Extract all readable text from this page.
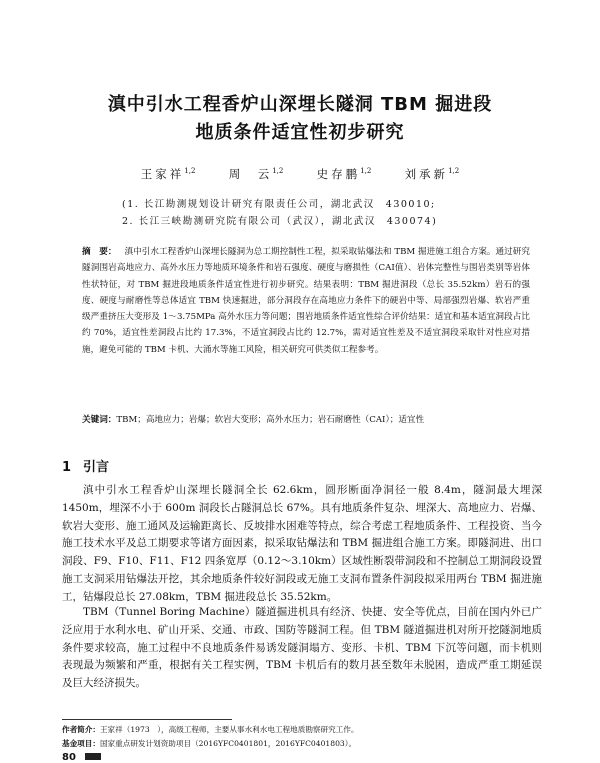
滇中引水工程香炉山深埋长隧洞 TBM 掘进段
地质条件适宜性初步研究
王家祥$^{1,2}$	周　云$^{1,2}$	史存鹏$^{1,2}$	刘承新$^{1,2}$
(1. 长江勘测规划设计研究有限责任公司，湖北武汉　430010;
2. 长江三峡勘测研究院有限公司（武汉），湖北武汉　430074)
摘　要： 滇中引水工程香炉山深埋长隧洞为总工期控制性工程，拟采取钻爆法和 TBM 掘进施工组合方案。通过研究隧洞围岩高地应力、高外水压力等地质环境条件和岩石强度、硬度与磨损性（CAI值）、岩体完整性与围岩类别等岩体性状特征，对 TBM 掘进段地质条件适宜性进行初步研究。结果表明：TBM 掘进洞段（总长 35.52km）岩石的强度、硬度与耐磨性等总体适宜 TBM 快速掘进，部分洞段存在高地应力条件下的硬岩中等、局部强烈岩爆、软岩严重　级严重挤压大变形及 1～3.75MPa 高外水压力等问题；围岩地质条件适宜性综合评价结果：适宜和基本适宜洞段占比约 70%，适宜性差洞段占比约 17.3%，不适宜洞段占比约 12.7%，需对适宜性差及不适宜洞段采取针对性应对措施，避免可能的 TBM 卡机、大涌水等施工风险，相关研究可供类似工程参考。
关键词：TBM；高地应力；岩爆；软岩大变形；高外水压力；岩石耐磨性（CAI）；适宜性
1 引言

滇中引水工程香炉山深埋长隧洞全长 62.6km，圆形断面净洞径一般 8.4m，隧洞最大埋深 1450m，埋深不小于 600m 洞段长占隧洞总长 67%。具有地质条件复杂、埋深大、高地应力、岩爆、软岩大变形、施工通风及运输距离长、反坡排水困难等特点，综合考虑工程地质条件、工程投资、当今施工技术水平及总工期要求等诸方面因素，拟采取钻爆法和 TBM 掘进组合施工方案。即隧洞进、出口洞段、F9、F10、F11、F12 四条宽厚（0.12～3.10km）区域性断裂带洞段和不控制总工期洞段设置施工支洞采用钻爆法开挖，其余地质条件较好洞段或无施工支洞布置条件洞段拟采用两台 TBM 掘进施工，钻爆段总长 27.08km，TBM 掘进段总长 35.52km。

TBM（Tunnel Boring Machine）隧道掘进机具有经济、快捷、安全等优点，目前在国内外已广泛应用于水利水电、矿山开采、交通、市政、国防等隧洞工程。但 TBM 隧道掘进机对所开挖隧洞地质条件要求较高，施工过程中不良地质条件易诱发隧洞塌方、变形、卡机、TBM 下沉等问题，而卡机则表现最为频繁和严重，根据有关工程实例，TBM 卡机后有的数月甚至数年未脱困，造成严重工期延误及巨大经济损失。

作者简介：王家祥（1973　），高级工程师，主要从事水利水电工程地质勘察研究工作。
基金项目：国家重点研发计划资助项目（2016YFC0401801，2016YFC0401803）。
80
